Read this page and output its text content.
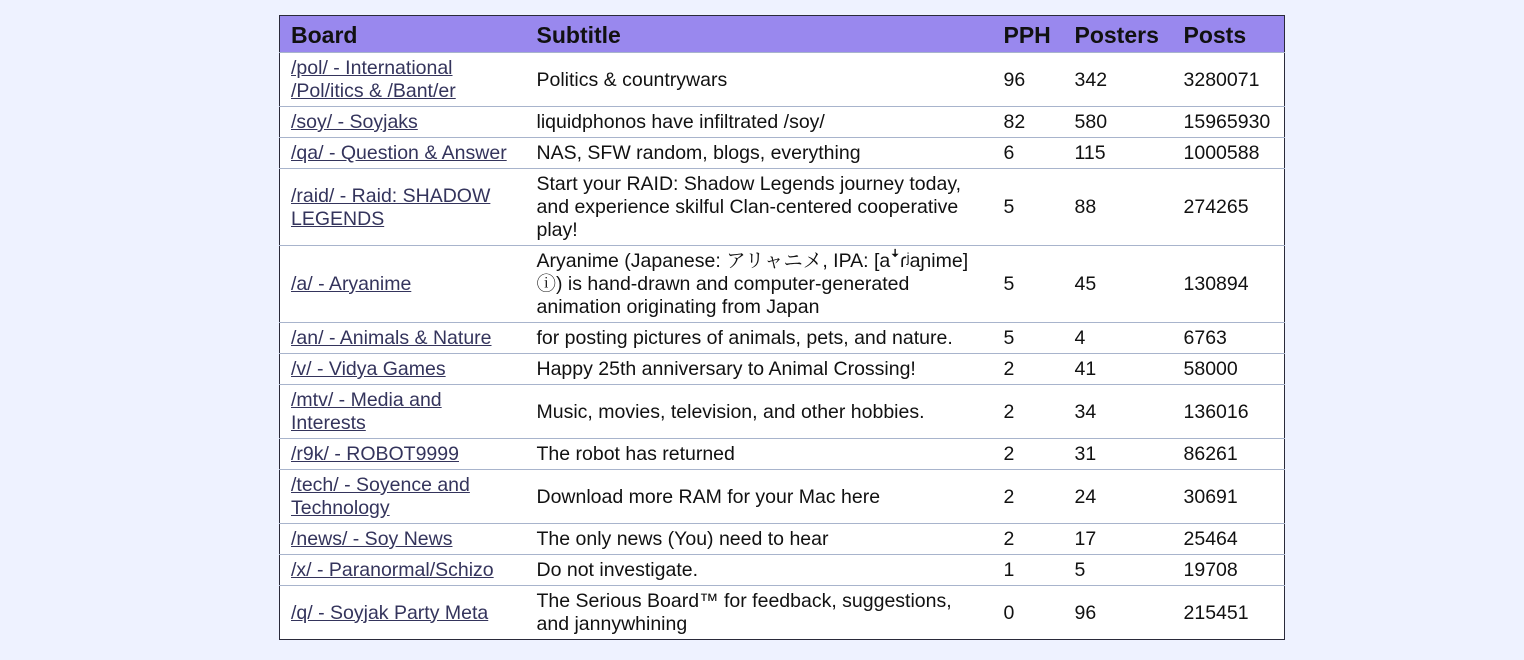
Board	Subtitle	PPH	Posters	Posts
/pol/ - International /Pol/itics & /Bant/er	Politics & countrywars	96	342	3280071
/soy/ - Soyjaks	liquidphonos have infiltrated /soy/	82	580	15965930
/qa/ - Question & Answer	NAS, SFW random, blogs, everything	6	115	1000588
/raid/ - Raid: SHADOW LEGENDS	Start your RAID: Shadow Legends journey today, and experience skilful Clan-centered cooperative play!	5	88	274265
/a/ - Aryanime	Aryanime (Japanese: アリャニメ, IPA: [aꜜɾʲaɲime] ⓘ) is hand-drawn and computer-generated animation originating from Japan	5	45	130894
/an/ - Animals & Nature	for posting pictures of animals, pets, and nature.	5	4	6763
/v/ - Vidya Games	Happy 25th anniversary to Animal Crossing!	2	41	58000
/mtv/ - Media and Interests	Music, movies, television, and other hobbies.	2	34	136016
/r9k/ - ROBOT9999	The robot has returned	2	31	86261
/tech/ - Soyence and Technology	Download more RAM for your Mac here	2	24	30691
/news/ - Soy News	The only news (You) need to hear	2	17	25464
/x/ - Paranormal/Schizo	Do not investigate.	1	5	19708
/q/ - Soyjak Party Meta	The Serious Board™ for feedback, suggestions, and jannywhining	0	96	215451
